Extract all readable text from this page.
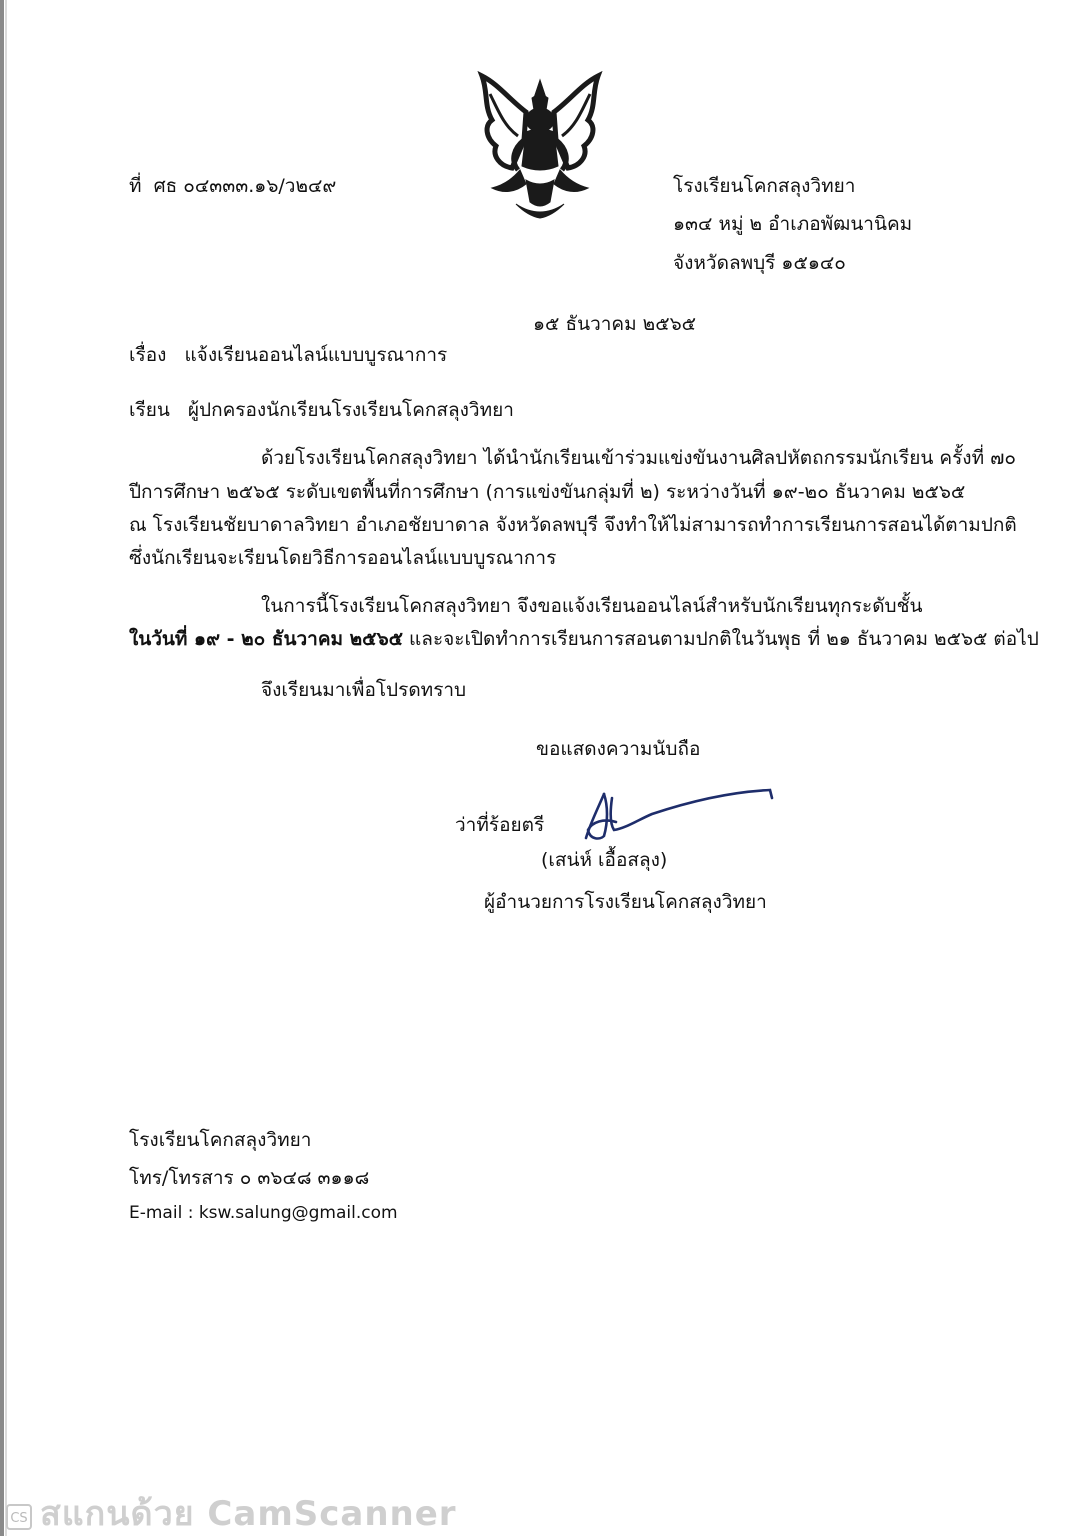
ที่ ศธ ๐๔๓๓๓.๑๖/ว๒๔๙	โรงเรียนโคกสลุงวิทยา
๑๓๔ หมู่ ๒ อำเภอพัฒนานิคม
จังหวัดลพบุรี ๑๕๑๔๐
๑๕ ธันวาคม ๒๕๖๕
เรื่อง แจ้งเรียนออนไลน์แบบบูรณาการ
เรียน ผู้ปกครองนักเรียนโรงเรียนโคกสลุงวิทยา
ด้วยโรงเรียนโคกสลุงวิทยา ได้นำนักเรียนเข้าร่วมแข่งขันงานศิลปหัตถกรรมนักเรียน ครั้งที่ ๗๐
ปีการศึกษา ๒๕๖๕ ระดับเขตพื้นที่การศึกษา (การแข่งขันกลุ่มที่ ๒) ระหว่างวันที่ ๑๙-๒๐ ธันวาคม ๒๕๖๕
ณ โรงเรียนชัยบาดาลวิทยา อำเภอชัยบาดาล จังหวัดลพบุรี จึงทำให้ไม่สามารถทำการเรียนการสอนได้ตามปกติ
ซึ่งนักเรียนจะเรียนโดยวิธีการออนไลน์แบบบูรณาการ
ในการนี้โรงเรียนโคกสลุงวิทยา จึงขอแจ้งเรียนออนไลน์สำหรับนักเรียนทุกระดับชั้น
ในวันที่ ๑๙ - ๒๐ ธันวาคม ๒๕๖๕ และจะเปิดทำการเรียนการสอนตามปกติในวันพุธ ที่ ๒๑ ธันวาคม ๒๕๖๕ ต่อไป
จึงเรียนมาเพื่อโปรดทราบ
ขอแสดงความนับถือ
ว่าที่ร้อยตรี
(เสน่ห์ เอื้อสลุง)
ผู้อำนวยการโรงเรียนโคกสลุงวิทยา
โรงเรียนโคกสลุงวิทยา
โทร/โทรสาร ๐ ๓๖๔๘ ๓๑๑๘
E-mail : ksw.salung@gmail.com
CS สแกนด้วย CamScanner
